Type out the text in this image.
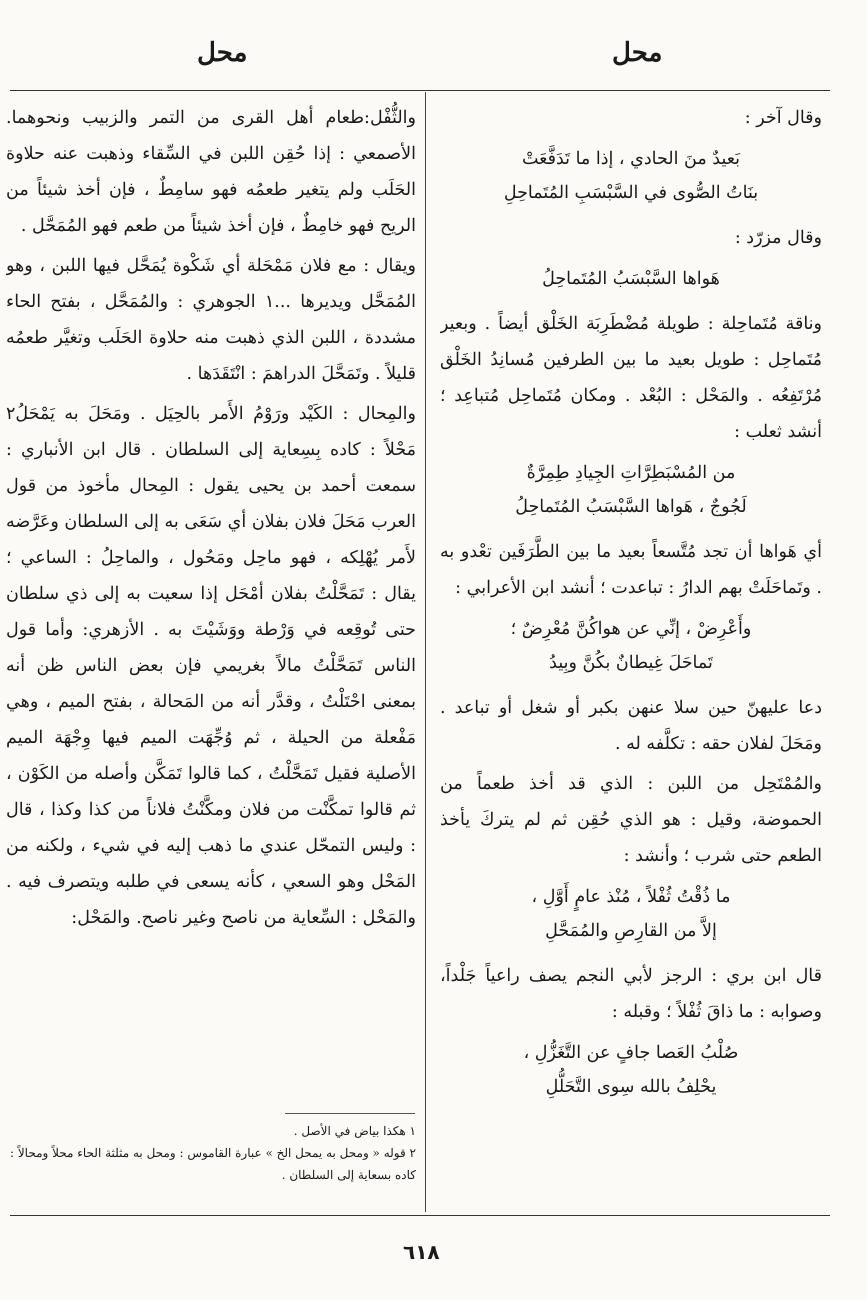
محل
محل

وقال آخر :

بَعيدٌ منَ الحادي ، إذا ما تَدَفَّعَتْ
بنَاتُ الصُّوى في السَّبْسَبِ المُتَماحِلِ

وقال مزرّد :

هَواها السَّبْسَبُ المُتَماحِلُ

وناقة مُتَماحِلة : طويلة مُضْطَرِبَة الخَلْق أيضاً . وبعير مُتَماحِل : طويل بعيد ما بين الطرفين مُسانِدُ الخَلْق مُرْتَفِعُه . والمَحْل : البُعْد . ومكان مُتَماحِل مُتباعِد ؛ أنشد ثعلب :

من المُسْبَطِرَّاتِ الجِيادِ طِمِرَّةٌ
لَجُوجٌ ، هَواها السَّبْسَبُ المُتَماحِلُ

أي هَواها أن تجد مُتَّسعاً بعيد ما بين الطَّرَفَين تعْدو به . وتَماحَلَتْ بهم الدارُ : تباعدت ؛ أنشد ابن الأعرابي :

وأَعْرِضْ ، إنِّي عن هواكُنَّ مُعْرِضٌ ؛
تَماحَلَ غِيطانٌ بكُنَّ وبِيدُ

دعا عليهنّ حين سلا عنهن بكبر أو شغل أو تباعد . ومَحَلَ لفلان حقه : تكلَّفه له .

والمُمْتَحِل من اللبن : الذي قد أخذ طعماً من الحموضة، وقيل : هو الذي حُقِن ثم لم يتركَ يأخذ الطعم حتى شرب ؛ وأنشد :

ما ذُقْتُ ثُفْلاً ، مُنْذ عامٍ أَوَّلِ ،
إلاَّ من القارِصِ والمُمَحَّلِ

قال ابن بري : الرجز لأبي النجم يصف راعياً جَلْداً، وصوابه : ما ذاقَ ثُفْلاً ؛ وقبله :

صُلْبُ العَصا جافٍ عن التَّغَزُّلِ ،
يحْلِفُ بالله سِوى التَّحَلُّلِ

والثُّفْل:طعام أهل القرى من التمر والزبيب ونحوهما. الأصمعي : إذا حُقِن اللبن في السِّقاء وذهبت عنه حلاوة الحَلَب ولم يتغير طعمُه فهو سامِطٌ ، فإن أخذ شيئاً من الريح فهو خامِطٌ ، فإن أخذ شيئاً من طعم فهو المُمَحَّل .

ويقال : مع فلان مَمْحَلة أي شَكْوة يُمَحَّل فيها اللبن ، وهو المُمَحَّل ويديرها ...١ الجوهري : والمُمَحَّل ، بفتح الحاء مشددة ، اللبن الذي ذهبت منه حلاوة الحَلَب وتغيَّر طعمُه قليلاً . وتَمَحَّلَ الدراهمَ : انْتَقَدَها .

والمِحال : الكَيْد ورَوْمُ الأَمر بالحِيَل . ومَحَلَ به يَمْحَلُ٢ مَحْلاً : كاده بِسِعاية إلى السلطان . قال ابن الأنباري : سمعت أحمد بن يحيى يقول : المِحال مأخوذ من قول العرب مَحَلَ فلان بفلان أي سَعَى به إلى السلطان وعَرَّضه لأَمر يُهْلِكه ، فهو ماحِل ومَحُول ، والماحِلُ : الساعي ؛ يقال : تَمَحَّلْتُ بفلان أمْحَل إذا سعيت به إلى ذي سلطان حتى تُوقِعه في وَرْطة ووَشَيْتَ به . الأزهري: وأما قول الناس تَمَحَّلْتُ مالاً بغريمي فإن بعض الناس ظن أنه بمعنى احْتَلْتُ ، وقدَّر أنه من المَحالة ، بفتح الميم ، وهي مَفْعلة من الحيلة ، ثم وُجِّهَت الميم فيها وِجْهَة الميم الأصلية فقيل تَمَحَّلْتُ ، كما قالوا تَمَكَّن وأصله من الكَوْن ، ثم قالوا تمكَّنْت من فلان ومكَّنْتُ فلاناً من كذا وكذا ، قال : وليس التمحّل عندي ما ذهب إليه في شيء ، ولكنه من المَحْل وهو السعي ، كأنه يسعى في طلبه ويتصرف فيه . والمَحْل : السِّعاية من ناصح وغير ناصح. والمَحْل:

١ هكذا بياض في الأصل .
٢ قوله « ومحل به يمحل الخ » عبارة القاموس : ومحل به مثلثة الحاء محلاً ومحالاً : كاده بسعاية إلى السلطان .
٦١٨
